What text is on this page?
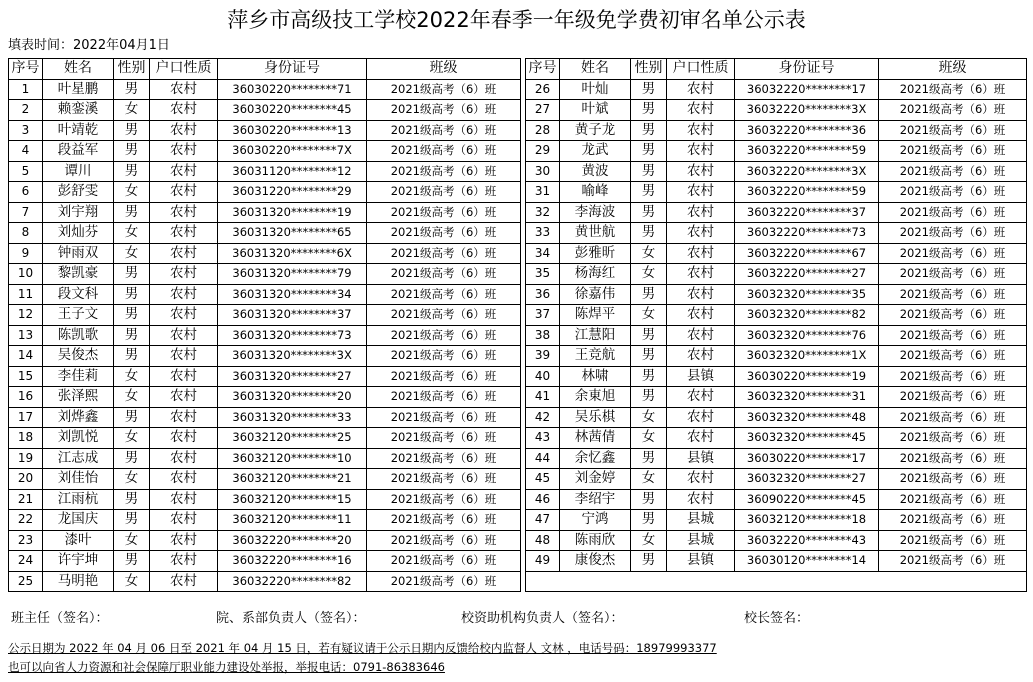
萍乡市高级技工学校2022年春季一年级免学费初审名单公示表
填表时间：2022年04月1日
序号	姓名	性别	户口性质	身份证号	班级		序号	姓名	性别	户口性质	身份证号	班级
1	叶星鹏	男	农村	36030220********71	2021级高考（6）班		26	叶灿	男	农村	36032220********17	2021级高考（6）班
2	赖銮溪	女	农村	36030220********45	2021级高考（6）班		27	叶斌	男	农村	36032220********3X	2021级高考（6）班
3	叶靖乾	男	农村	36030220********13	2021级高考（6）班		28	黄子龙	男	农村	36032220********36	2021级高考（6）班
4	段益军	男	农村	36030220********7X	2021级高考（6）班		29	龙武	男	农村	36032220********59	2021级高考（6）班
5	谭川	男	农村	36031120********12	2021级高考（6）班		30	黄波	男	农村	36032220********3X	2021级高考（6）班
6	彭舒雯	女	农村	36031220********29	2021级高考（6）班		31	喻峰	男	农村	36032220********59	2021级高考（6）班
7	刘宇翔	男	农村	36031320********19	2021级高考（6）班		32	李海波	男	农村	36032220********37	2021级高考（6）班
8	刘灿芬	女	农村	36031320********65	2021级高考（6）班		33	黄世航	男	农村	36032220********73	2021级高考（6）班
9	钟雨双	女	农村	36031320********6X	2021级高考（6）班		34	彭雅昕	女	农村	36032220********67	2021级高考（6）班
10	黎凯豪	男	农村	36031320********79	2021级高考（6）班		35	杨海红	女	农村	36032220********27	2021级高考（6）班
11	段文科	男	农村	36031320********34	2021级高考（6）班		36	徐嘉伟	男	农村	36032320********35	2021级高考（6）班
12	王子文	男	农村	36031320********37	2021级高考（6）班		37	陈焊平	女	农村	36032320********82	2021级高考（6）班
13	陈凯歌	男	农村	36031320********73	2021级高考（6）班		38	江慧阳	男	农村	36032320********76	2021级高考（6）班
14	吴俊杰	男	农村	36031320********3X	2021级高考（6）班		39	王竞航	男	农村	36032320********1X	2021级高考（6）班
15	李佳莉	女	农村	36031320********27	2021级高考（6）班		40	林啸	男	县镇	36030220********19	2021级高考（6）班
16	张泽熙	女	农村	36031320********20	2021级高考（6）班		41	余東旭	男	农村	36032320********31	2021级高考（6）班
17	刘烨鑫	男	农村	36031320********33	2021级高考（6）班		42	吴乐棋	女	农村	36032320********48	2021级高考（6）班
18	刘凯悦	女	农村	36032120********25	2021级高考（6）班		43	林茜倩	女	农村	36032320********45	2021级高考（6）班
19	江志成	男	农村	36032120********10	2021级高考（6）班		44	余忆鑫	男	县镇	36030220********17	2021级高考（6）班
20	刘佳怡	女	农村	36032120********21	2021级高考（6）班		45	刘金婷	女	农村	36032320********27	2021级高考（6）班
21	江雨杭	男	农村	36032120********15	2021级高考（6）班		46	李绍宇	男	农村	36090220********45	2021级高考（6）班
22	龙国庆	男	农村	36032120********11	2021级高考（6）班		47	宁鸿	男	县城	36032120********18	2021级高考（6）班
23	漆叶	女	农村	36032220********20	2021级高考（6）班		48	陈雨欣	女	县城	36032220********43	2021级高考（6）班
24	许宇坤	男	农村	36032220********16	2021级高考（6）班		49	康俊杰	男	县镇	36030120********14	2021级高考（6）班
25	马明艳	女	农村	36032220********82	2021级高考（6）班							
班主任（签名）：	院、系部负责人（签名）：	校资助机构负责人（签名）：	校长签名：
公示日期为 2022 年 04 月 06 日至 2021 年 04 月 15 日，若有疑议请于公示日期内反馈给校内监督人 文林 ，电话号码：18979993377
也可以向省人力资源和社会保障厅职业能力建设处举报，举报电话：0791-86383646
